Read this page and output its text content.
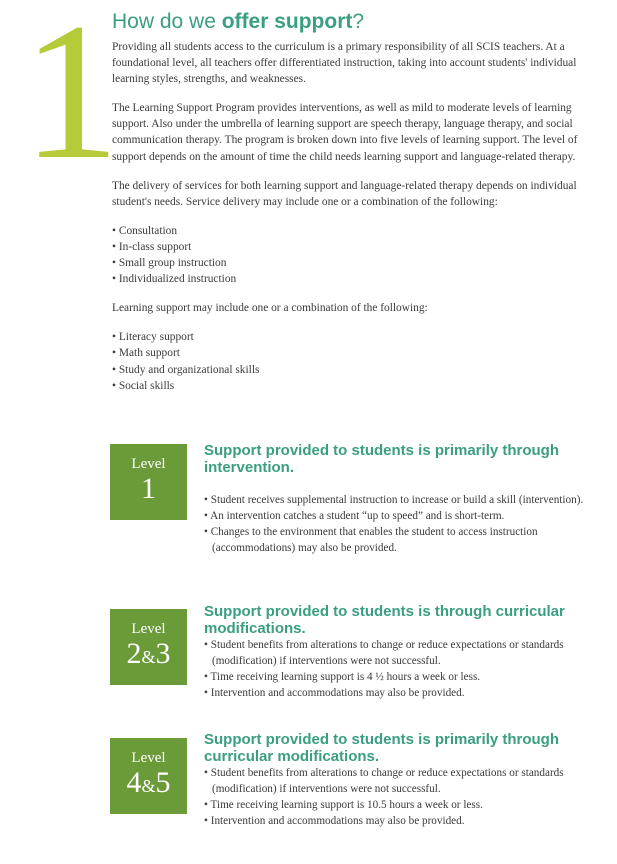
1
How do we offer support?

Providing all students access to the curriculum is a primary responsibility of all SCIS teachers. At a foundational level, all teachers offer differentiated instruction, taking into account students' individual learning styles, strengths, and weaknesses.

The Learning Support Program provides interventions, as well as mild to moderate levels of learning support. Also under the umbrella of learning support are speech therapy, language therapy, and social communication therapy. The program is broken down into five levels of learning support. The level of support depends on the amount of time the child needs learning support and language-related therapy.

The delivery of services for both learning support and language-related therapy depends on individual student's needs. Service delivery may include one or a combination of the following:

• Consultation
• In-class support
• Small group instruction
• Individualized instruction

Learning support may include one or a combination of the following:

• Literacy support
• Math support
• Study and organizational skills
• Social skills
Level
1
Support provided to students is primarily through intervention.
• Student receives supplemental instruction to increase or build a skill (intervention).
• An intervention catches a student “up to speed” and is short-term.
• Changes to the environment that enables the student to access instruction (accommodations) may also be provided.
Level
2&3
Support provided to students is through curricular modifications.
• Student benefits from alterations to change or reduce expectations or standards (modification) if interventions were not successful.
• Time receiving learning support is 4 ½ hours a week or less.
• Intervention and accommodations may also be provided.
Level
4&5
Support provided to students is primarily through curricular modifications.
• Student benefits from alterations to change or reduce expectations or standards (modification) if interventions were not successful.
• Time receiving learning support is 10.5 hours a week or less.
• Intervention and accommodations may also be provided.
